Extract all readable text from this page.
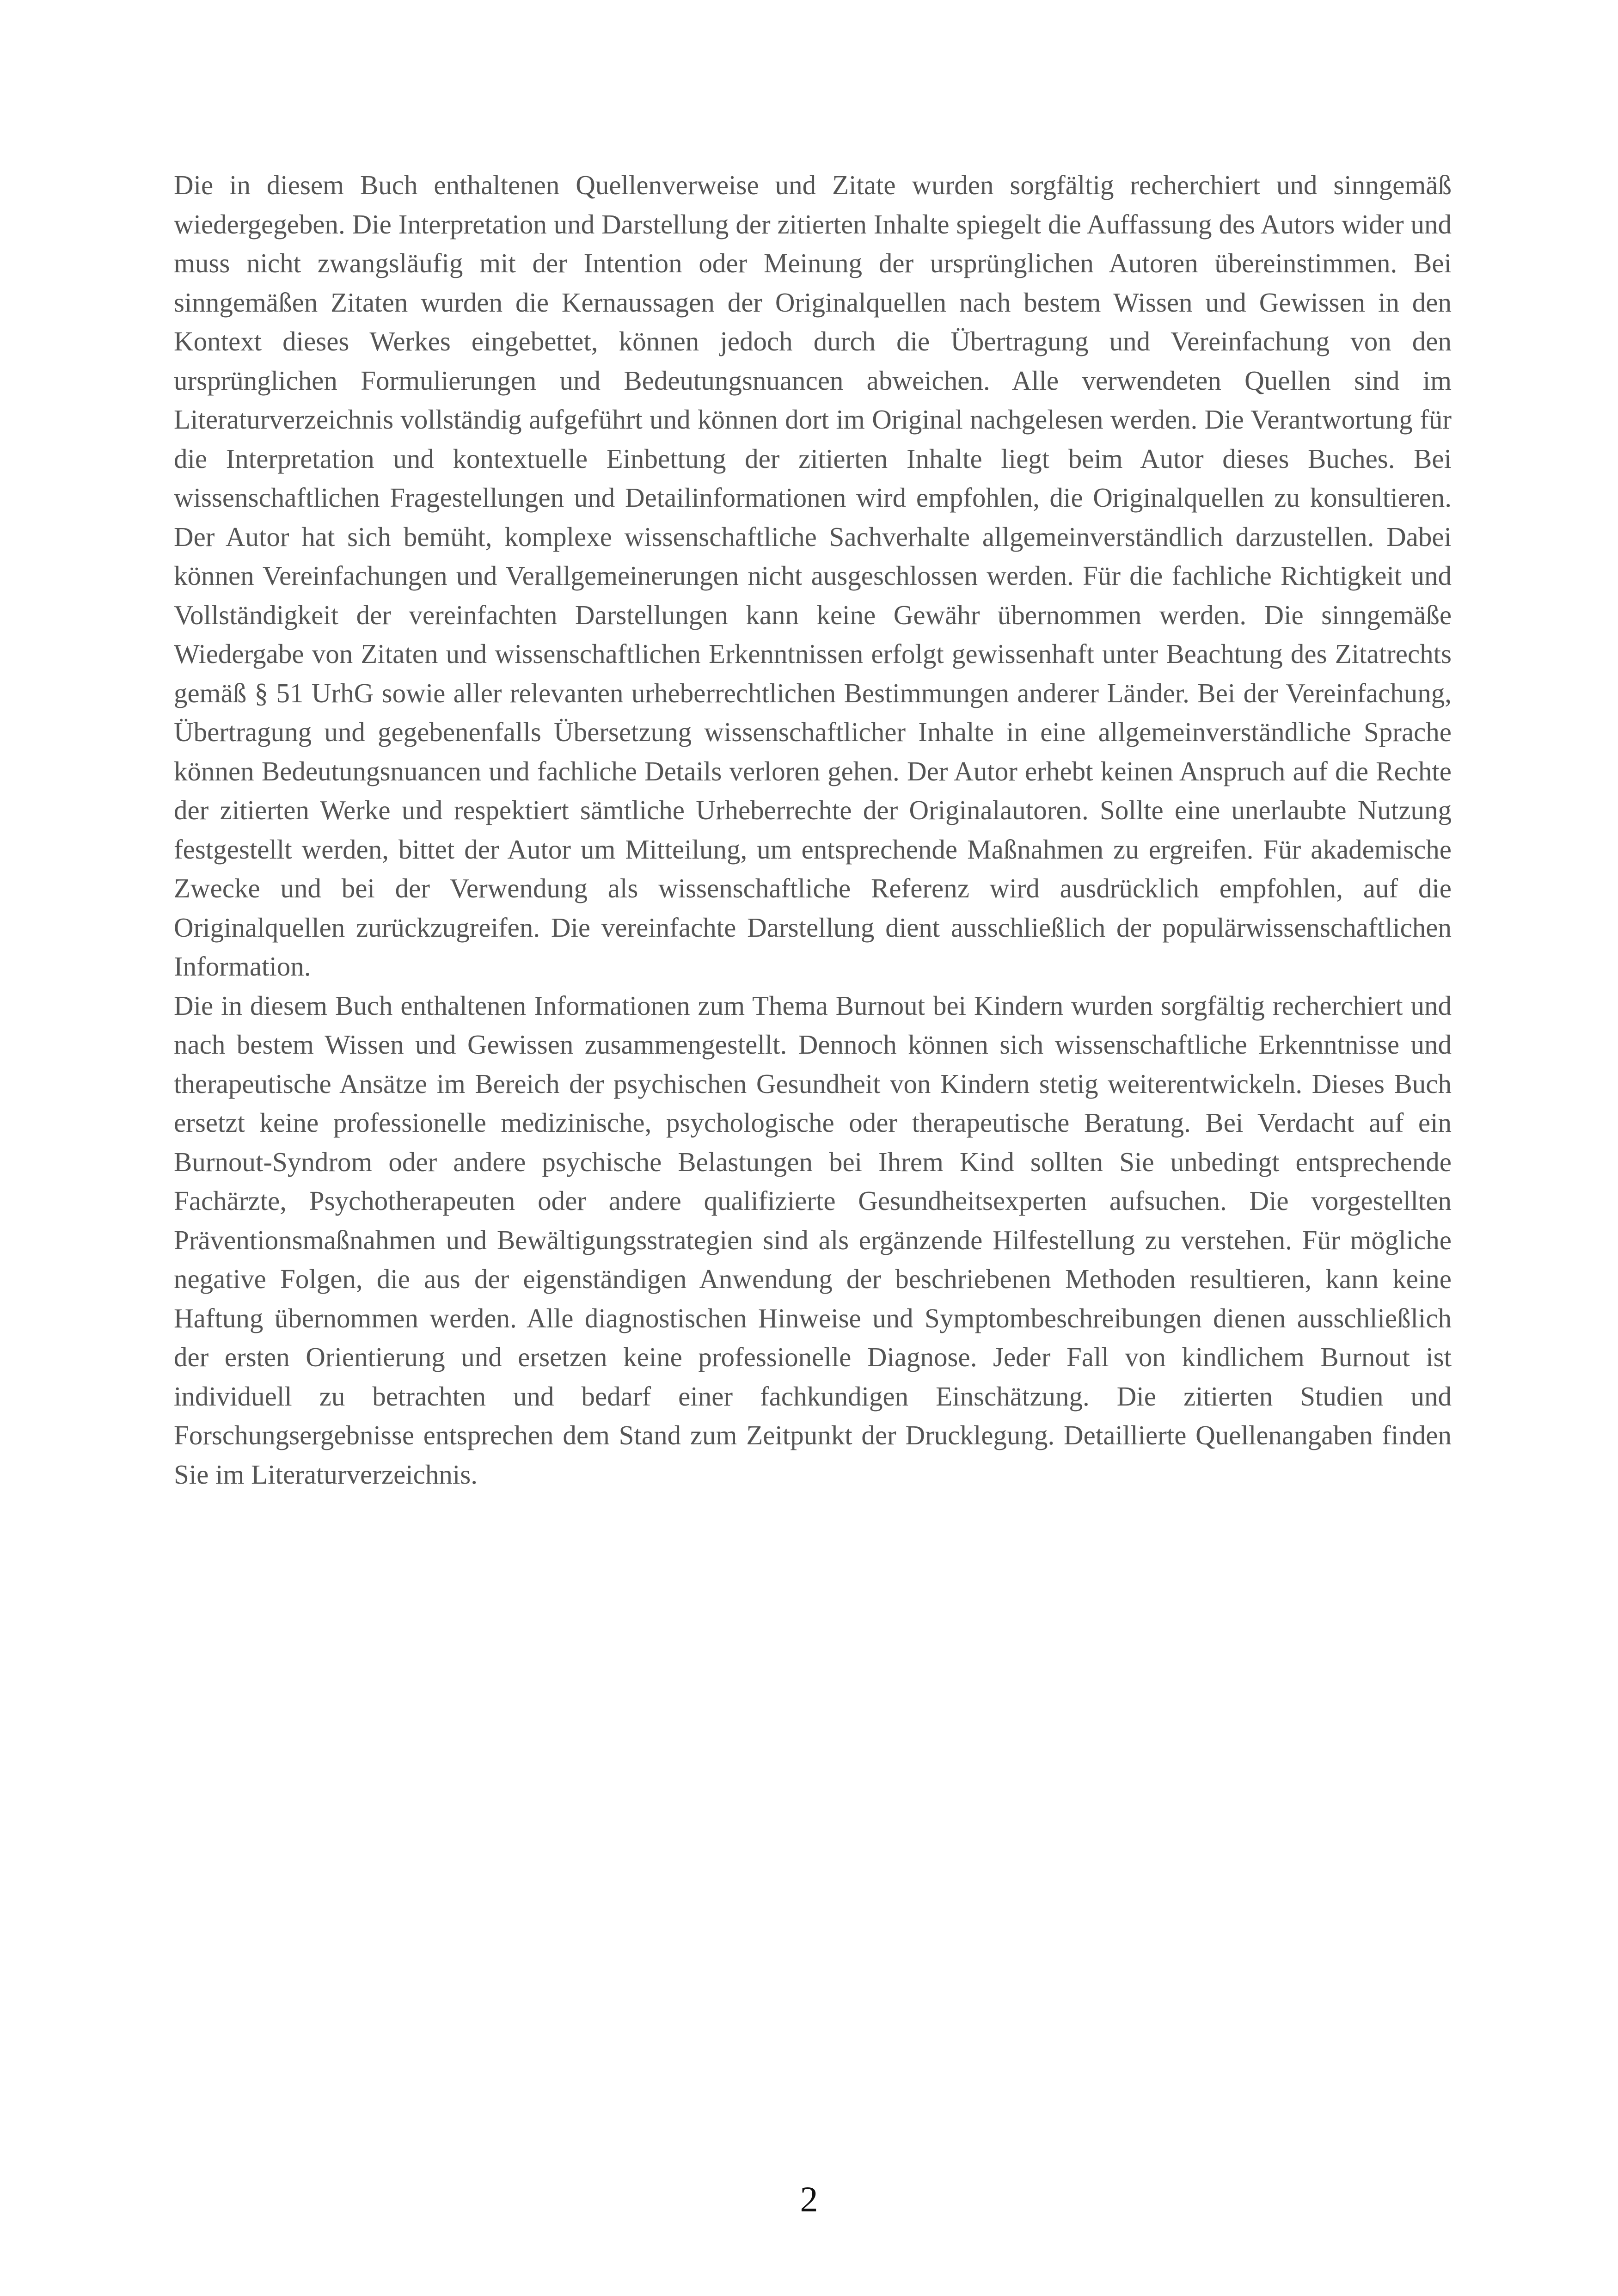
Die in diesem Buch enthaltenen Quellenverweise und Zitate wurden sorgfältig recherchiert und sinngemäß wiedergegeben. Die Interpretation und Darstellung der zitierten Inhalte spiegelt die Auffassung des Autors wider und muss nicht zwangsläufig mit der Intention oder Meinung der ursprünglichen Autoren übereinstimmen. Bei sinngemäßen Zitaten wurden die Kernaussagen der Originalquellen nach bestem Wissen und Gewissen in den Kontext dieses Werkes eingebettet, können jedoch durch die Übertragung und Vereinfachung von den ursprünglichen Formulierungen und Bedeutungsnuancen abweichen. Alle verwendeten Quellen sind im Literaturverzeichnis vollständig aufgeführt und können dort im Original nachgelesen werden. Die Verantwortung für die Interpretation und kontextuelle Einbettung der zitierten Inhalte liegt beim Autor dieses Buches. Bei wissenschaftlichen Fragestellungen und Detailinformationen wird empfohlen, die Originalquellen zu konsultieren. Der Autor hat sich bemüht, komplexe wissenschaftliche Sachverhalte allgemeinverständlich darzustellen. Dabei können Vereinfachungen und Verallgemeinerungen nicht ausgeschlossen werden. Für die fachliche Richtigkeit und Vollständigkeit der vereinfachten Darstellungen kann keine Gewähr übernommen werden. Die sinngemäße Wiedergabe von Zitaten und wissenschaftlichen Erkenntnissen erfolgt gewissenhaft unter Beachtung des Zitatrechts gemäß § 51 UrhG sowie aller relevanten urheberrechtlichen Bestimmungen anderer Länder. Bei der Vereinfachung, Übertragung und gegebenenfalls Übersetzung wissenschaftlicher Inhalte in eine allgemeinverständliche Sprache können Bedeutungsnuancen und fachliche Details verloren gehen. Der Autor erhebt keinen Anspruch auf die Rechte der zitierten Werke und respektiert sämtliche Urheberrechte der Originalautoren. Sollte eine unerlaubte Nutzung festgestellt werden, bittet der Autor um Mitteilung, um entsprechende Maßnahmen zu ergreifen. Für akademische Zwecke und bei der Verwendung als wissenschaftliche Referenz wird ausdrücklich empfohlen, auf die Originalquellen zurückzugreifen. Die vereinfachte Darstellung dient ausschließlich der populärwissenschaftlichen Information.

Die in diesem Buch enthaltenen Informationen zum Thema Burnout bei Kindern wurden sorgfältig recherchiert und nach bestem Wissen und Gewissen zusammengestellt. Dennoch können sich wissenschaftliche Erkenntnisse und therapeutische Ansätze im Bereich der psychischen Gesundheit von Kindern stetig weiterentwickeln. Dieses Buch ersetzt keine professionelle medizinische, psychologische oder therapeutische Beratung. Bei Verdacht auf ein Burnout-Syndrom oder andere psychische Belastungen bei Ihrem Kind sollten Sie unbedingt entsprechende Fachärzte, Psychotherapeuten oder andere qualifizierte Gesundheitsexperten aufsuchen. Die vorgestellten Präventionsmaßnahmen und Bewältigungsstrategien sind als ergänzende Hilfestellung zu verstehen. Für mögliche negative Folgen, die aus der eigenständigen Anwendung der beschriebenen Methoden resultieren, kann keine Haftung übernommen werden. Alle diagnostischen Hinweise und Symptombeschreibungen dienen ausschließlich der ersten Orientierung und ersetzen keine professionelle Diagnose. Jeder Fall von kindlichem Burnout ist individuell zu betrachten und bedarf einer fachkundigen Einschätzung. Die zitierten Studien und Forschungsergebnisse entsprechen dem Stand zum Zeitpunkt der Drucklegung. Detaillierte Quellenangaben finden Sie im Literaturverzeichnis.

2
